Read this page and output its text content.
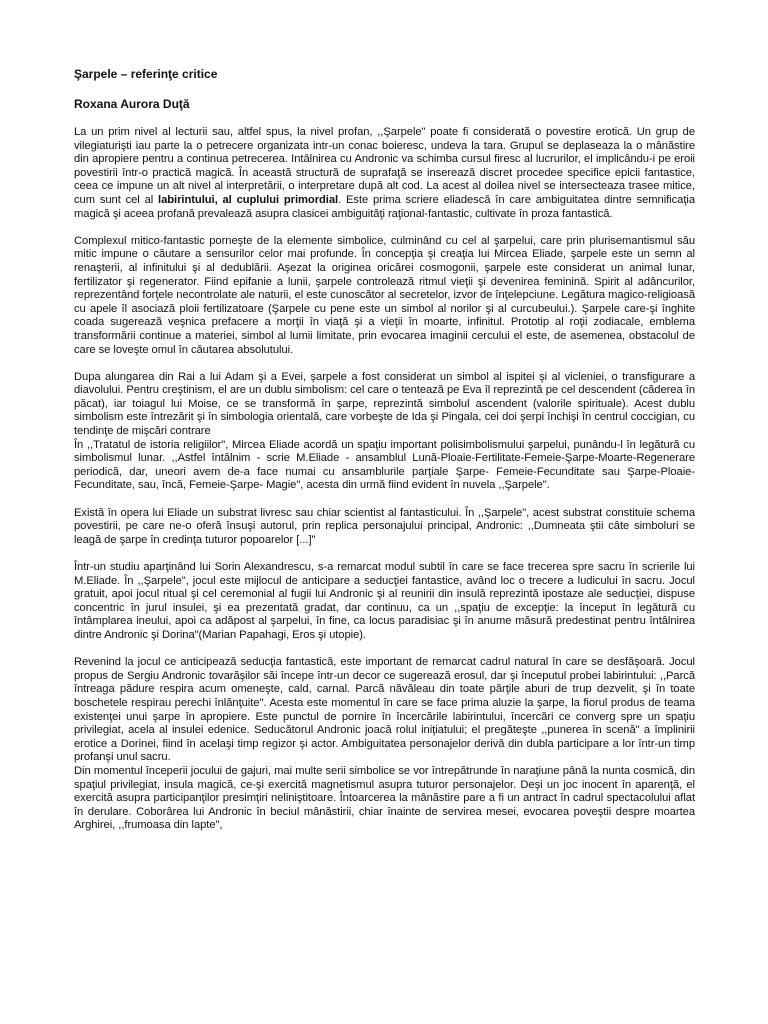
Şarpele – referinţe critice
Roxana Aurora Duţă
La un prim nivel al lecturii sau, altfel spus, la nivel profan, ,,Şarpele" poate fi considerată o povestire erotică. Un grup de vilegiaturişti iau parte la o petrecere organizata intr-un conac boieresc, undeva la tara. Grupul se deplaseaza la o mânăstire din apropiere pentru a continua petrecerea. Intâlnirea cu Andronic va schimba cursul firesc al lucrurilor, el implicându-i pe eroii povestirii într-o practică magică. În această structură de suprafaţă se inserează discret procedee specifice epicii fantastice, ceea ce impune un alt nivel al interpretării, o interpretare după alt cod. La acest al doilea nivel se intersecteaza trasee mitice, cum sunt cel al labirintului, al cuplului primordial. Este prima scriere eliadescă în care ambiguitatea dintre semnificaţia magică şi aceea profană prevalează asupra clasicei ambiguităţi raţional-fantastic, cultivate în proza fantastică.
Complexul mitico-fantastic porneşte de la elemente simbolice, culminând cu cel al şarpelui, care prin plurisemantismul său mitic impune o căutare a sensurilor celor mai profunde. În concepţia şi creaţia lui Mircea Eliade, şarpele este un semn al renaşterii, al infinitului şi al dedublării. Aşezat la originea oricărei cosmogonii, şarpele este considerat un animal lunar, fertilizator şi regenerator. Fiind epifanie a lunii, şarpele controlează ritmul vieţii şi devenirea feminină. Spirit al adâncurilor, reprezentând forţele necontrolate ale naturii, el este cunoscător al secretelor, izvor de înţelepciune. Legătura magico-religioasă cu apele îl asociază ploii fertilizatoare (Şarpele cu pene este un simbol al norilor şi al curcubeului.). Şarpele care-şi înghite coada sugerează veşnica prefacere a morţii în viaţă şi a vieţii în moarte, infinitul. Prototip al roţii zodiacale, emblema transformării continue a materiei, simbol al lumii limitate, prin evocarea imaginii cercului el este, de asemenea, obstacolul de care se loveşte omul în căutarea absolutului.
Dupa alungarea din Rai a lui Adam şi a Evei, şarpele a fost considerat un simbol al ispitei şi al vicleniei, o transfigurare a diavolului. Pentru creştinism, el are un dublu simbolism: cel care o tentează pe Eva îl reprezintă pe cel descendent (căderea în păcat), iar toiagul lui Moise, ce se transformă în şarpe, reprezintă simbolul ascendent (valorile spirituale). Acest dublu simbolism este întrezărit şi în simbologia orientală, care vorbeşte de Ida şi Pingala, cei doi şerpi închişi în centrul coccigian, cu tendinţe de mişcări contrare
În ,,Tratatul de istoria religiilor", Mircea Eliade acordă un spaţiu important polisimbolismului şarpelui, punându-l în legătură cu simbolismul lunar. ,,Astfel întâlnim - scrie M.Eliade - ansamblul Lună-Ploaie-Fertilitate-Femeie-Şarpe-Moarte-Regenerare periodică, dar, uneori avem de-a face numai cu ansamblurile parţiale Şarpe- Femeie-Fecunditate sau Şarpe-Ploaie-Fecunditate, sau, încă, Femeie-Şarpe- Magie", acesta din urmă fiind evident în nuvela ,,Şarpele".
Există în opera lui Eliade un substrat livresc sau chiar scientist al fantasticului. În ,,Şarpele", acest substrat constituie schema povestirii, pe care ne-o oferă însuşi autorul, prin replica personajului principal, Andronic: ,,Dumneata ştii câte simboluri se leagă de şarpe în credinţa tuturor popoarelor [...]"
Într-un studiu aparţinând lui Sorin Alexandrescu, s-a remarcat modul subtil în care se face trecerea spre sacru în scrierile lui M.Eliade. În ,,Şarpele", jocul este mijlocul de anticipare a seducţiei fantastice, având loc o trecere a ludicului în sacru. Jocul gratuit, apoi jocul ritual şi cel ceremonial al fugii lui Andronic şi al reunirii din insulă reprezintă ipostaze ale seducţiei, dispuse concentric în jurul insulei, şi ea prezentată gradat, dar continuu, ca un ,,spaţiu de excepţie: la început în legătură cu întâmplarea ineului, apoi ca adăpost al şarpelui, în fine, ca locus paradisiac şi în anume măsură predestinat pentru întâlnirea dintre Andronic şi Dorina"(Marian Papahagi, Eros şi utopie).
Revenind la jocul ce anticipează seducţia fantastică, este important de remarcat cadrul natural în care se desfăşoară. Jocul propus de Sergiu Andronic tovarăşilor săi începe într-un decor ce sugerează erosul, dar şi începutul probei labirintului: ,,Parcă întreaga pădure respira acum omeneşte, cald, carnal. Parcă năvăleau din toate părţile aburi de trup dezvelit, şi în toate boschetele respirau perechi înlănţuite". Acesta este momentul în care se face prima aluzie la şarpe, la fiorul produs de teama existenţei unui şarpe în apropiere. Este punctul de pornire în încercările labirintului, încercări ce converg spre un spaţiu privilegiat, acela al insulei edenice. Seducătorul Andronic joacă rolul iniţiatului; el pregăteşte ,,punerea în scenă" a împlinirii erotice a Dorinei, fiind în acelaşi timp regizor şi actor. Ambiguitatea personajelor derivă din dubla participare a lor într-un timp profanşi unul sacru.
Din momentul începerii jocului de gajuri, mai multe serii simbolice se vor întrepătrunde în naraţiune până la nunta cosmică, din spaţiul privilegiat, insula magică, ce-şi exercită magnetismul asupra tuturor personajelor. Deşi un joc inocent în aparenţă, el exercită asupra participanţilor presimţiri neliniştitoare. Întoarcerea la mânăstire pare a fi un antract în cadrul spectacolului aflat în derulare. Coborârea lui Andronic în beciul mânăstirii, chiar înainte de servirea mesei, evocarea poveştii despre moartea Arghirei, ,,frumoasa din lapte",
